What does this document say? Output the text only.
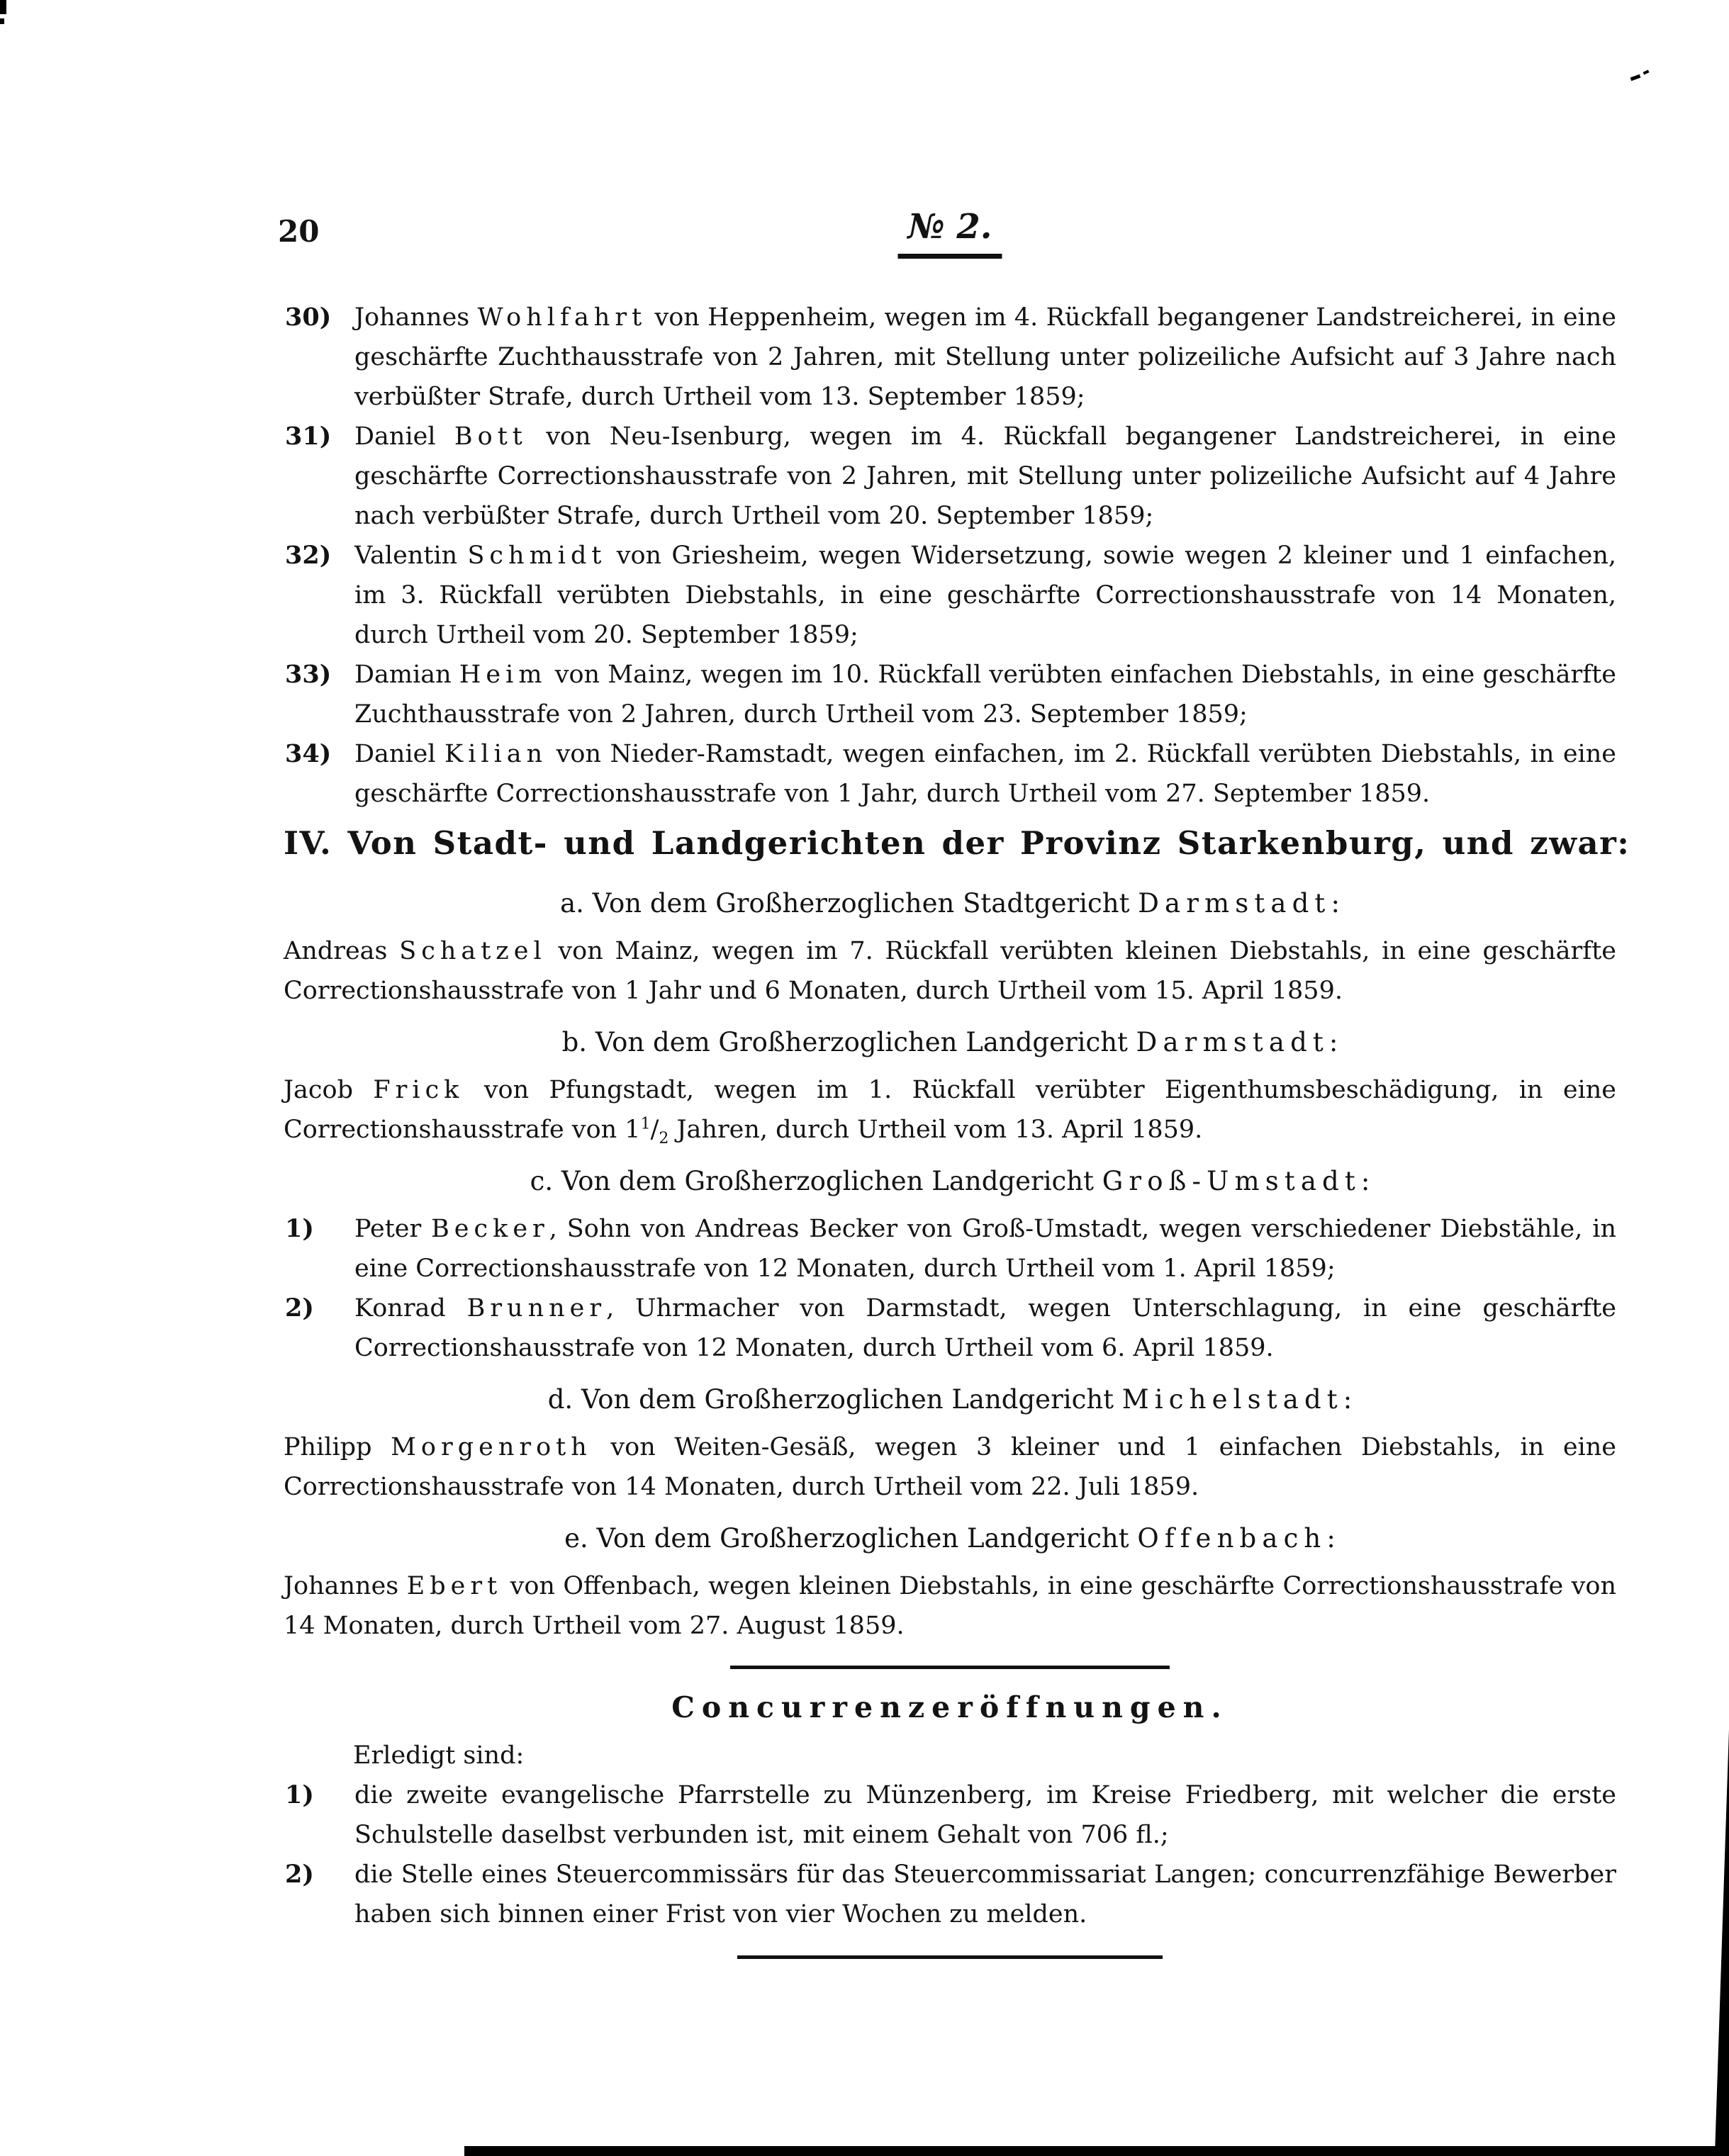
20	№ 2.
30) Johannes Wohlfahrt von Heppenheim, wegen im 4. Rückfall begangener Landstreicherei, in eine geschärfte Zuchthausstrafe von 2 Jahren, mit Stellung unter polizeiliche Aufsicht auf 3 Jahre nach verbüßter Strafe, durch Urtheil vom 13. September 1859;
31) Daniel Bott von Neu-Isenburg, wegen im 4. Rückfall begangener Landstreicherei, in eine geschärfte Correctionshausstrafe von 2 Jahren, mit Stellung unter polizeiliche Aufsicht auf 4 Jahre nach verbüßter Strafe, durch Urtheil vom 20. September 1859;
32) Valentin Schmidt von Griesheim, wegen Widersetzung, sowie wegen 2 kleiner und 1 einfachen, im 3. Rückfall verübten Diebstahls, in eine geschärfte Correctionshausstrafe von 14 Monaten, durch Urtheil vom 20. September 1859;
33) Damian Heim von Mainz, wegen im 10. Rückfall verübten einfachen Diebstahls, in eine geschärfte Zuchthausstrafe von 2 Jahren, durch Urtheil vom 23. September 1859;
34) Daniel Kilian von Nieder-Ramstadt, wegen einfachen, im 2. Rückfall verübten Diebstahls, in eine geschärfte Correctionshausstrafe von 1 Jahr, durch Urtheil vom 27. September 1859.
IV. Von Stadt- und Landgerichten der Provinz Starkenburg, und zwar:
a. Von dem Großherzoglichen Stadtgericht Darmstadt:
Andreas Schatzel von Mainz, wegen im 7. Rückfall verübten kleinen Diebstahls, in eine geschärfte Correctionshausstrafe von 1 Jahr und 6 Monaten, durch Urtheil vom 15. April 1859.
b. Von dem Großherzoglichen Landgericht Darmstadt:
Jacob Frick von Pfungstadt, wegen im 1. Rückfall verübter Eigenthumsbeschädigung, in eine Correctionshausstrafe von $1^1/_2$ Jahren, durch Urtheil vom 13. April 1859.
c. Von dem Großherzoglichen Landgericht Groß-Umstadt:
1) Peter Becker, Sohn von Andreas Becker von Groß-Umstadt, wegen verschiedener Diebstähle, in eine Correctionshausstrafe von 12 Monaten, durch Urtheil vom 1. April 1859;
2) Konrad Brunner, Uhrmacher von Darmstadt, wegen Unterschlagung, in eine geschärfte Correctionshausstrafe von 12 Monaten, durch Urtheil vom 6. April 1859.
d. Von dem Großherzoglichen Landgericht Michelstadt:
Philipp Morgenroth von Weiten-Gesäß, wegen 3 kleiner und 1 einfachen Diebstahls, in eine Correctionshausstrafe von 14 Monaten, durch Urtheil vom 22. Juli 1859.
e. Von dem Großherzoglichen Landgericht Offenbach:
Johannes Ebert von Offenbach, wegen kleinen Diebstahls, in eine geschärfte Correctionshausstrafe von 14 Monaten, durch Urtheil vom 27. August 1859.
Concurrenzeröffnungen.
Erledigt sind:
1) die zweite evangelische Pfarrstelle zu Münzenberg, im Kreise Friedberg, mit welcher die erste Schulstelle daselbst verbunden ist, mit einem Gehalt von 706 fl.;
2) die Stelle eines Steuercommissärs für das Steuercommissariat Langen; concurrenzfähige Bewerber haben sich binnen einer Frist von vier Wochen zu melden.
